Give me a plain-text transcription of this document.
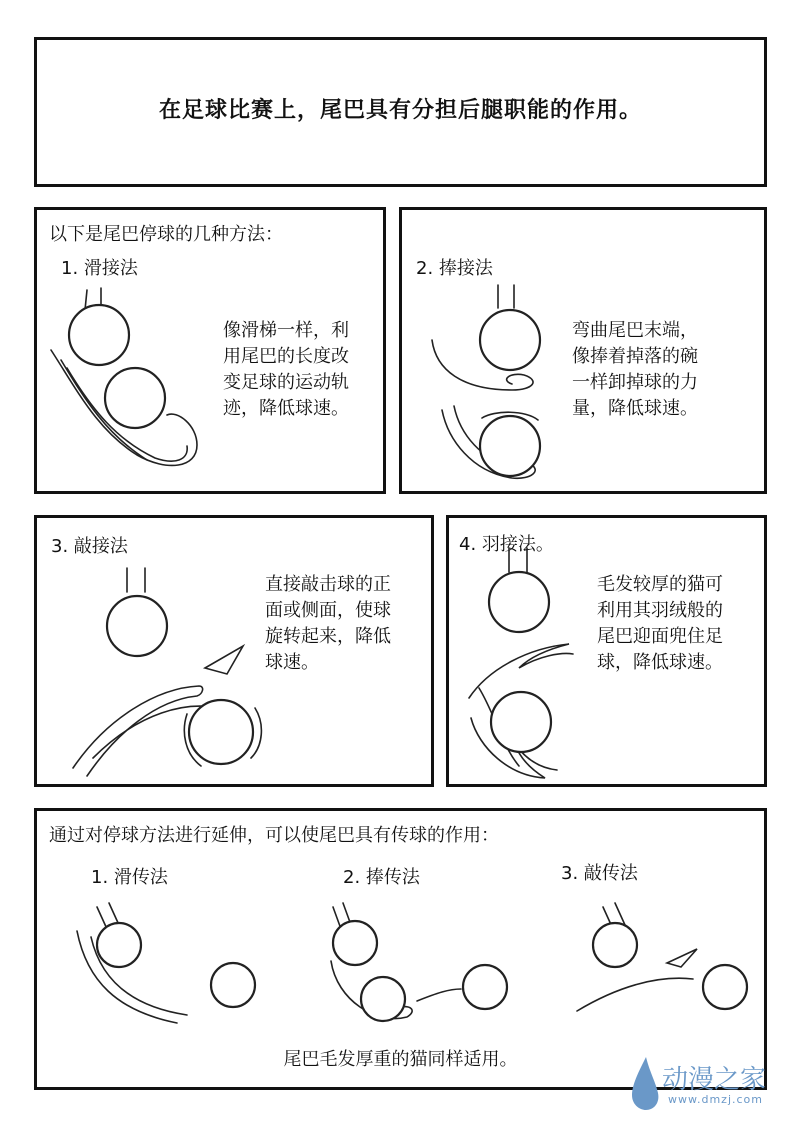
在足球比赛上，尾巴具有分担后腿职能的作用。
以下是尾巴停球的几种方法：
1. 滑接法
像滑梯一样，利
用尾巴的长度改
变足球的运动轨
迹，降低球速。
2. 捧接法
弯曲尾巴末端，
像捧着掉落的碗
一样卸掉球的力
量，降低球速。
3. 敲接法
直接敲击球的正
面或侧面，使球
旋转起来，降低
球速。
4. 羽接法。
毛发较厚的猫可
利用其羽绒般的
尾巴迎面兜住足
球，降低球速。
通过对停球方法进行延伸，可以使尾巴具有传球的作用：
1. 滑传法	2. 捧传法	3. 敲传法
尾巴毛发厚重的猫同样适用。
动漫之家
www.dmzj.com
